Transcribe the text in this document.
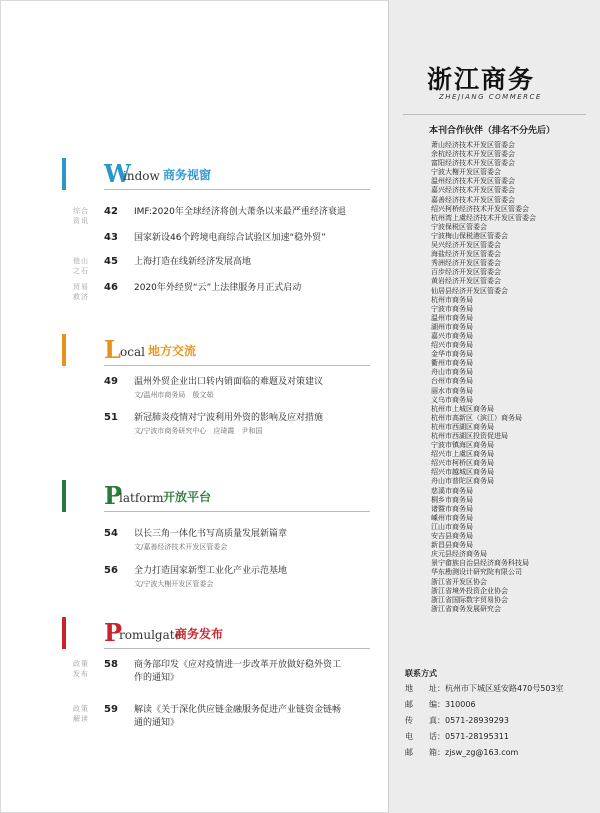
W
indow 商务视窗
综合资讯
42 IMF:2020年全球经济将创大萧条以来最严重经济衰退
43 国家新设46个跨境电商综合试验区加速“稳外贸”
他山之石
45 上海打造在线新经济发展高地
贸易救济
46 2020年外经贸“云”上法律服务月正式启动
L ocal 地方交流
49 温州外贸企业出口转内销面临的难题及对策建议
文/温州市商务局　殷文茹
51 新冠肺炎疫情对宁波利用外资的影响及应对措施
文/宁波市商务研究中心　应琦霞　尹和国
P
latform 开放平台
54 以长三角一体化书写高质量发展新篇章
文/嘉善经济技术开发区管委会
56 全力打造国家新型工业化产业示范基地
文/宁波大榭开发区管委会
P
romulgate
商务发布
政策发布
58 商务部印发《应对疫情进一步改革开放做好稳外资工作的通知》
政策解读
59 解读《关于深化供应链金融服务促进产业链资金链畅通的通知》
浙江商务
ZHEJIANG COMMERCE
本刊合作伙伴（排名不分先后）
萧山经济技术开发区管委会
余杭经济技术开发区管委会
富阳经济技术开发区管委会
宁波大榭开发区管委会
温州经济技术开发区管委会
嘉兴经济技术开发区管委会
嘉善经济技术开发区管委会
绍兴柯桥经济技术开发区管委会
杭州湾上虞经济技术开发区管委会
宁波保税区管委会
宁波梅山保税港区管委会
吴兴经济开发区管委会
海盐经济开发区管委会
秀洲经济开发区管委会
百步经济开发区管委会
黄岩经济开发区管委会
仙居县经济开发区管委会
杭州市商务局
宁波市商务局
温州市商务局
湖州市商务局
嘉兴市商务局
绍兴市商务局
金华市商务局
衢州市商务局
舟山市商务局
台州市商务局
丽水市商务局
义乌市商务局
杭州市上城区商务局
杭州市高新区（滨江）商务局
杭州市西湖区商务局
杭州市西湖区投资促进局
宁波市镇海区商务局
绍兴市上虞区商务局
绍兴市柯桥区商务局
绍兴市越城区商务局
舟山市普陀区商务局
慈溪市商务局
桐乡市商务局
诸暨市商务局
嵊州市商务局
江山市商务局
安吉县商务局
新昌县商务局
庆元县经济商务局
景宁畲族自治县经济商务科技局
华东勘测设计研究院有限公司
浙江省开发区协会
浙江省境外投资企业协会
浙江省国际数字贸易协会
浙江省商务发展研究会
联系方式
地	址：杭州市下城区延安路470号503室
邮	编：310006
传	真：0571-28939293
电	话：0571-28195311
邮	箱：zjsw_zg@163.com
